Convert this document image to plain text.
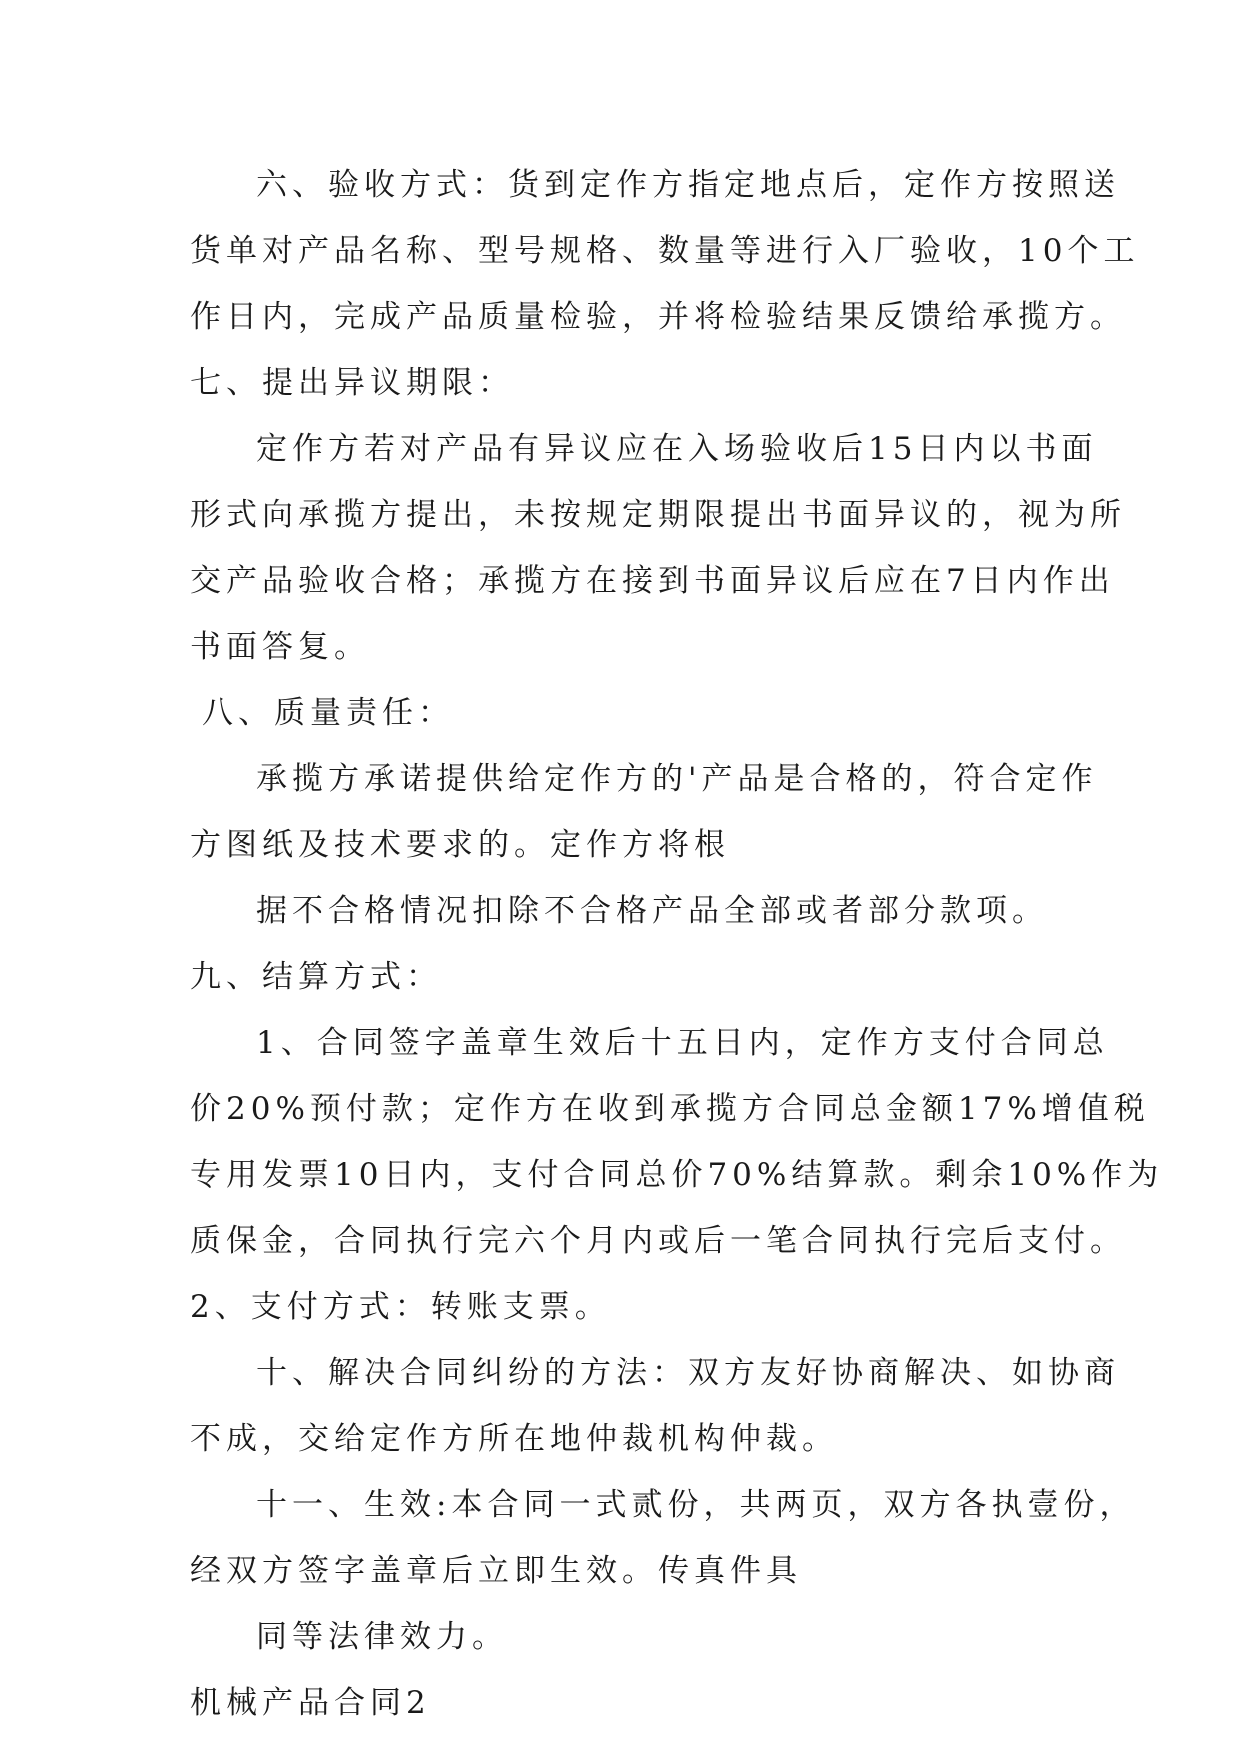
六、验收方式：货到定作方指定地点后，定作方按照送
货单对产品名称、型号规格、数量等进行入厂验收，10个工
作日内，完成产品质量检验，并将检验结果反馈给承揽方。
七、提出异议期限：
定作方若对产品有异议应在入场验收后15日内以书面
形式向承揽方提出，未按规定期限提出书面异议的，视为所
交产品验收合格；承揽方在接到书面异议后应在7日内作出
书面答复。
八、质量责任：
承揽方承诺提供给定作方的'产品是合格的，符合定作
方图纸及技术要求的。定作方将根
据不合格情况扣除不合格产品全部或者部分款项。
九、结算方式：
1、合同签字盖章生效后十五日内，定作方支付合同总
价20%预付款；定作方在收到承揽方合同总金额17%增值税
专用发票10日内，支付合同总价70%结算款。剩余10%作为
质保金，合同执行完六个月内或后一笔合同执行完后支付。
2、支付方式：转账支票。
十、解决合同纠纷的方法：双方友好协商解决、如协商
不成，交给定作方所在地仲裁机构仲裁。
十一、生效:本合同一式贰份，共两页，双方各执壹份，
经双方签字盖章后立即生效。传真件具
同等法律效力。
机械产品合同2
